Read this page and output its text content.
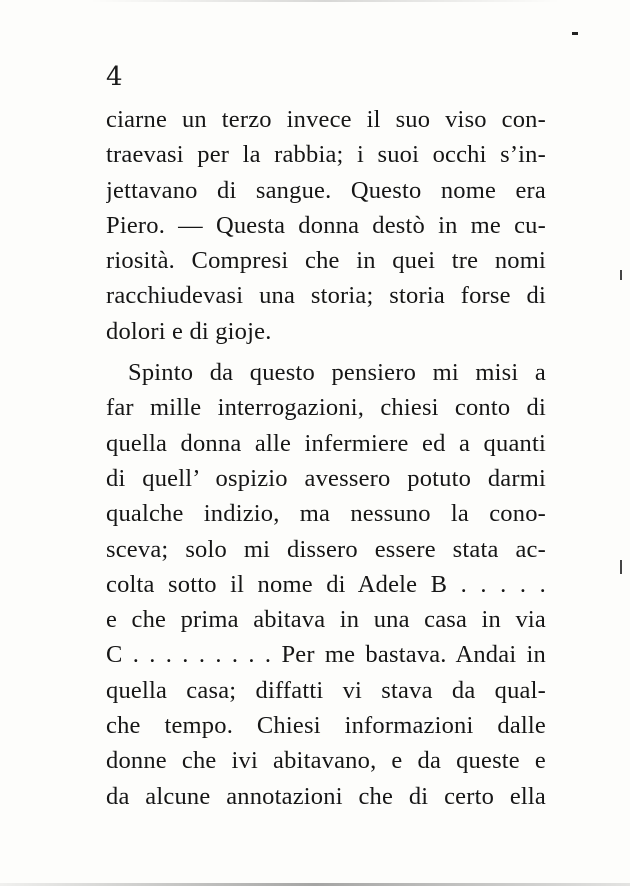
4
ciarne un terzo invece il suo viso con-
traevasi per la rabbia; i suoi occhi s’in-
jettavano di sangue. Questo nome era
Piero. — Questa donna destò in me cu-
riosità. Compresi che in quei tre nomi
racchiudevasi una storia; storia forse di
dolori e di gioje.
Spinto da questo pensiero mi misi a
far mille interrogazioni, chiesi conto di
quella donna alle infermiere ed a quanti
di quell’ ospizio avessero potuto darmi
qualche indizio, ma nessuno la cono-
sceva; solo mi dissero essere stata ac-
colta sotto il nome di Adele B . . . . .
e che prima abitava in una casa in via
C . . . . . . . . . Per me bastava. Andai in
quella casa; diffatti vi stava da qual-
che tempo. Chiesi informazioni dalle
donne che ivi abitavano, e da queste e
da alcune annotazioni che di certo ella
